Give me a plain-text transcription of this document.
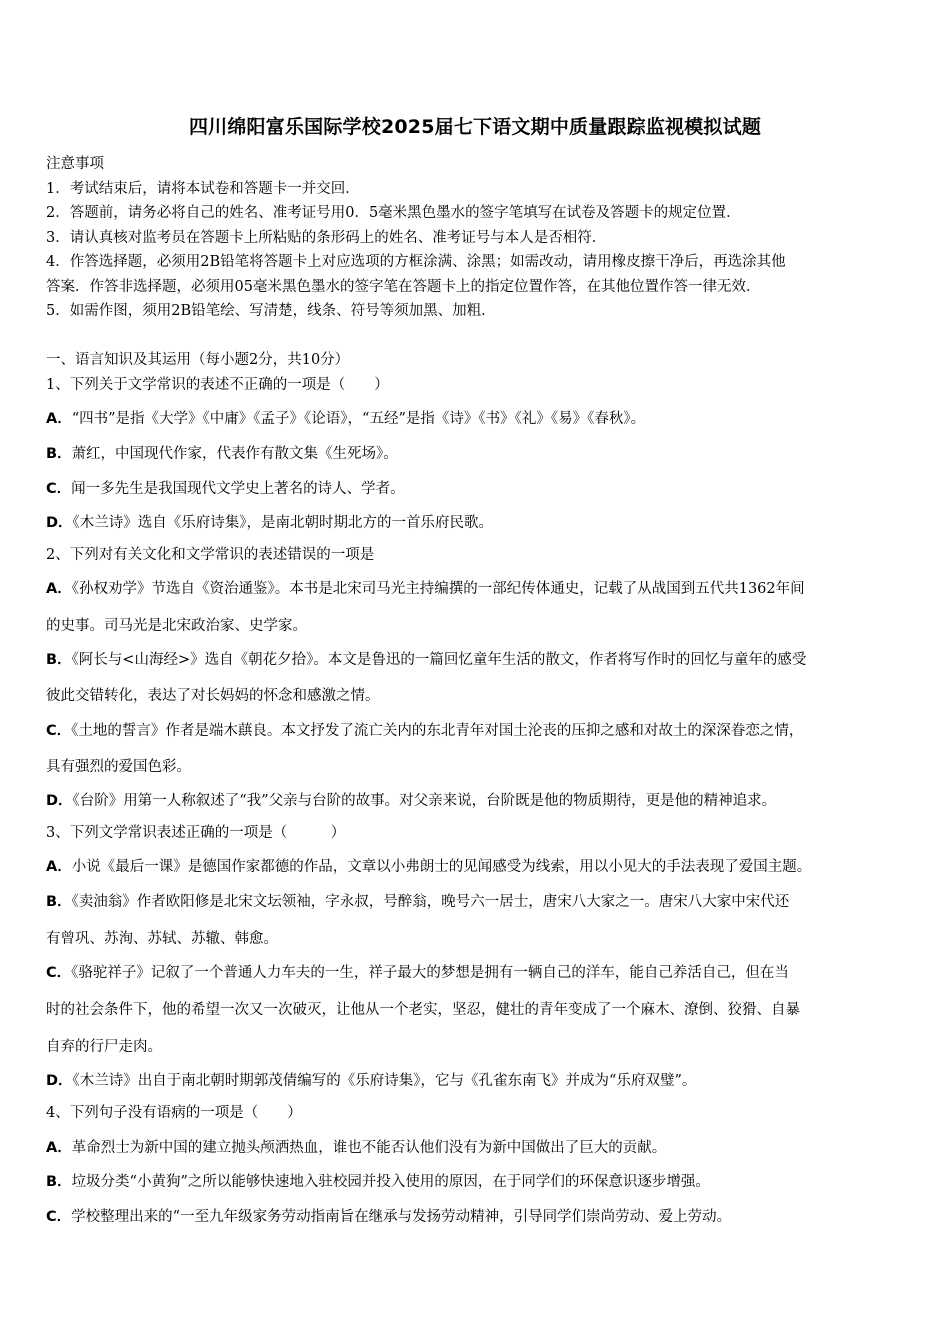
四川绵阳富乐国际学校2025届七下语文期中质量跟踪监视模拟试题
注意事项
1．考试结束后，请将本试卷和答题卡一并交回．
2．答题前，请务必将自己的姓名、准考证号用0．5毫米黑色墨水的签字笔填写在试卷及答题卡的规定位置．
3．请认真核对监考员在答题卡上所粘贴的条形码上的姓名、准考证号与本人是否相符．
4．作答选择题，必须用2B铅笔将答题卡上对应选项的方框涂满、涂黑；如需改动，请用橡皮擦干净后，再选涂其他
答案．作答非选择题，必须用05毫米黑色墨水的签字笔在答题卡上的指定位置作答，在其他位置作答一律无效．
5．如需作图，须用2B铅笔绘、写清楚，线条、符号等须加黑、加粗．
一、语言知识及其运用（每小题2分，共10分）
1、下列关于文学常识的表述不正确的一项是（　　）
A．“四书”是指《大学》《中庸》《孟子》《论语》，“五经”是指《诗》《书》《礼》《易》《春秋》。
B．萧红，中国现代作家，代表作有散文集《生死场》。
C．闻一多先生是我国现代文学史上著名的诗人、学者。
D．《木兰诗》选自《乐府诗集》，是南北朝时期北方的一首乐府民歌。
2、下列对有关文化和文学常识的表述错误的一项是
A．《孙权劝学》节选自《资治通鉴》。本书是北宋司马光主持编撰的一部纪传体通史，记载了从战国到五代共1362年间
的史事。司马光是北宋政治家、史学家。
B．《阿长与<山海经>》选自《朝花夕拾》。本文是鲁迅的一篇回忆童年生活的散文，作者将写作时的回忆与童年的感受
彼此交错转化，表达了对长妈妈的怀念和感激之情。
C．《土地的誓言》作者是端木蕻良。本文抒发了流亡关内的东北青年对国土沦丧的压抑之感和对故土的深深眷恋之情，
具有强烈的爱国色彩。
D．《台阶》用第一人称叙述了“我”父亲与台阶的故事。对父亲来说，台阶既是他的物质期待，更是他的精神追求。
3、下列文学常识表述正确的一项是（　　　）
A．小说《最后一课》是德国作家都德的作品，文章以小弗朗士的见闻感受为线索，用以小见大的手法表现了爱国主题。
B．《卖油翁》作者欧阳修是北宋文坛领袖，字永叔，号醉翁，晚号六一居士，唐宋八大家之一。唐宋八大家中宋代还
有曾巩、苏洵、苏轼、苏辙、韩愈。
C．《骆驼祥子》记叙了一个普通人力车夫的一生，祥子最大的梦想是拥有一辆自己的洋车，能自己养活自己，但在当
时的社会条件下，他的希望一次又一次破灭，让他从一个老实，坚忍，健壮的青年变成了一个麻木、潦倒、狡猾、自暴
自弃的行尸走肉。
D．《木兰诗》出自于南北朝时期郭茂倩编写的《乐府诗集》，它与《孔雀东南飞》并成为“乐府双璧”。
4、下列句子没有语病的一项是（　　）
A．革命烈士为新中国的建立抛头颅洒热血，谁也不能否认他们没有为新中国做出了巨大的贡献。
B．垃圾分类“小黄狗”之所以能够快速地入驻校园并投入使用的原因，在于同学们的环保意识逐步增强。
C．学校整理出来的“一至九年级家务劳动指南旨在继承与发扬劳动精神，引导同学们崇尚劳动、爱上劳动。
